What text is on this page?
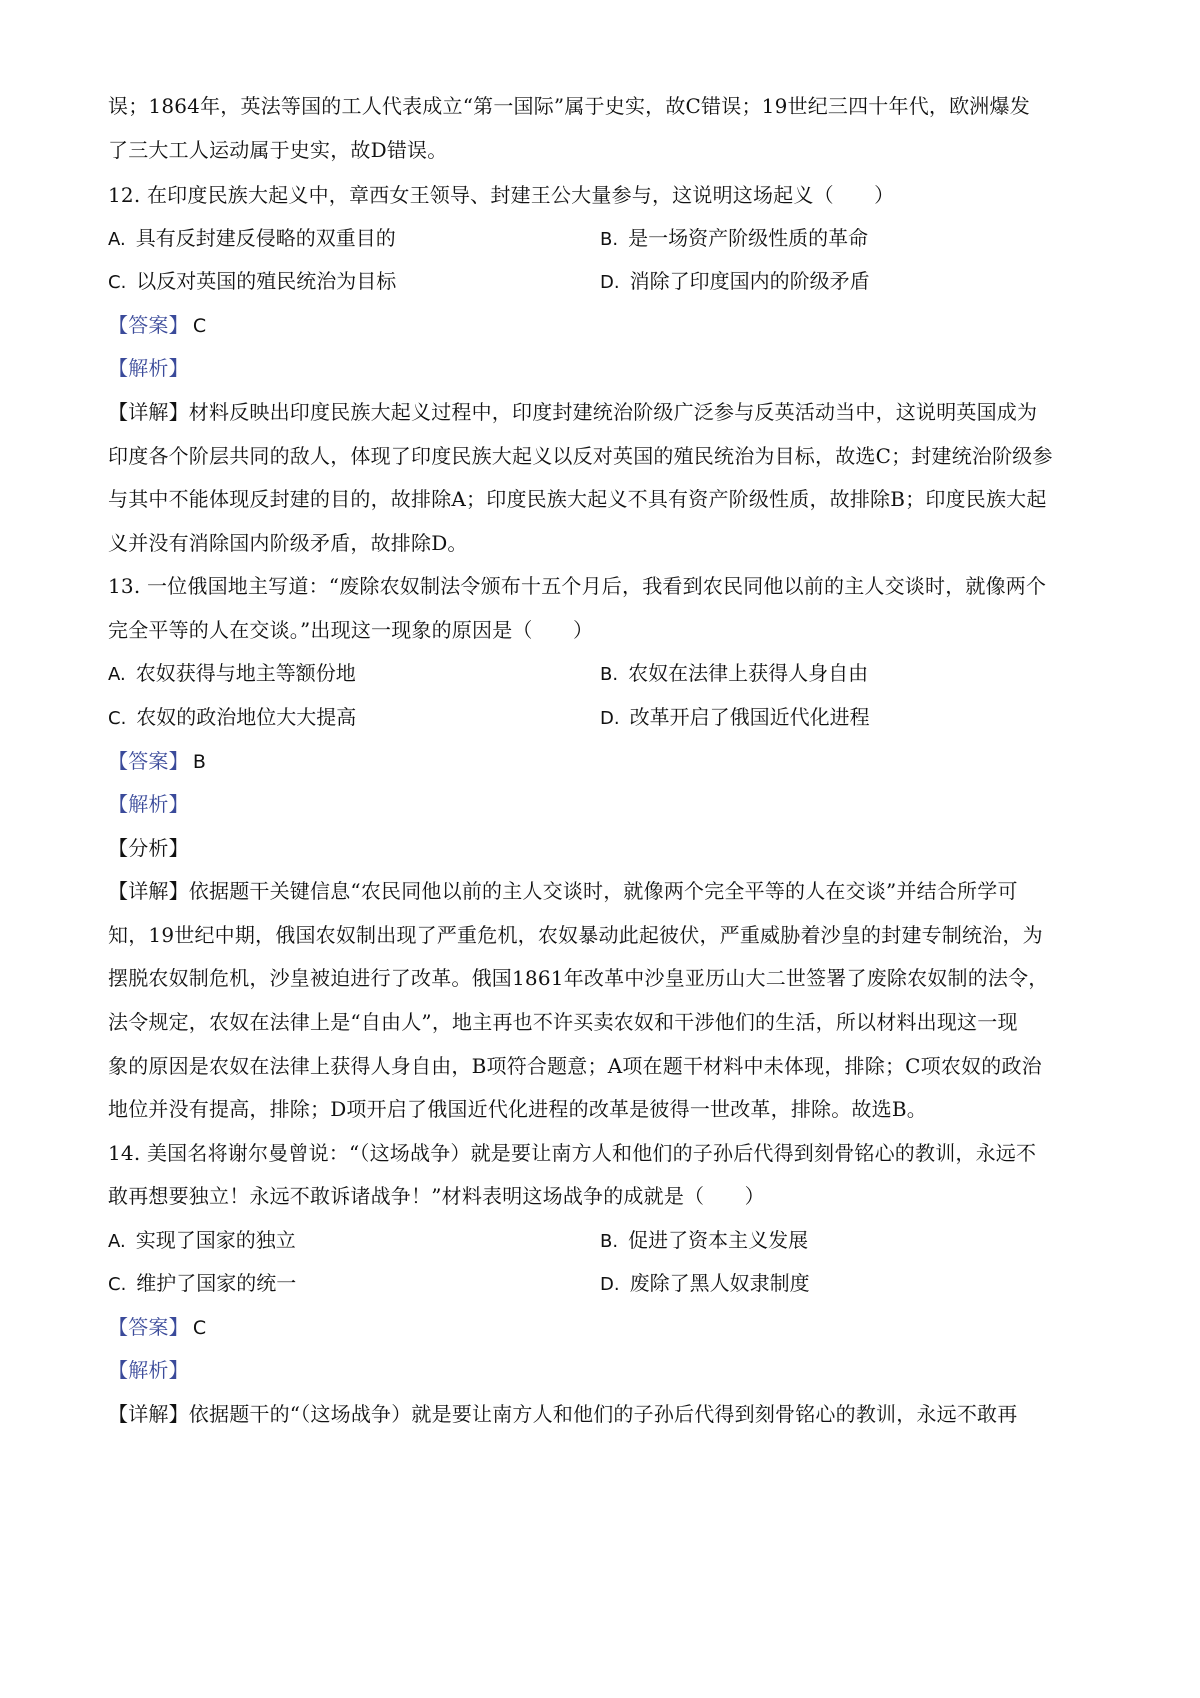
误；1864年，英法等国的工人代表成立“第一国际”属于史实，故C错误；19世纪三四十年代，欧洲爆发
了三大工人运动属于史实，故D错误。
12. 在印度民族大起义中，章西女王领导、封建王公大量参与，这说明这场起义（　　）
A. 具有反封建反侵略的双重目的	B. 是一场资产阶级性质的革命
C. 以反对英国的殖民统治为目标	D. 消除了印度国内的阶级矛盾
【答案】 C
【解析】
【详解】材料反映出印度民族大起义过程中，印度封建统治阶级广泛参与反英活动当中，这说明英国成为
印度各个阶层共同的敌人，体现了印度民族大起义以反对英国的殖民统治为目标，故选C；封建统治阶级参
与其中不能体现反封建的目的，故排除A；印度民族大起义不具有资产阶级性质，故排除B；印度民族大起
义并没有消除国内阶级矛盾，故排除D。
13. 一位俄国地主写道：“废除农奴制法令颁布十五个月后，我看到农民同他以前的主人交谈时，就像两个
完全平等的人在交谈。”出现这一现象的原因是（　　）
A. 农奴获得与地主等额份地	B. 农奴在法律上获得人身自由
C. 农奴的政治地位大大提高	D. 改革开启了俄国近代化进程
【答案】 B
【解析】
【分析】
【详解】依据题干关键信息“农民同他以前的主人交谈时，就像两个完全平等的人在交谈”并结合所学可
知，19世纪中期，俄国农奴制出现了严重危机，农奴暴动此起彼伏，严重威胁着沙皇的封建专制统治，为
摆脱农奴制危机，沙皇被迫进行了改革。俄国1861年改革中沙皇亚历山大二世签署了废除农奴制的法令，
法令规定，农奴在法律上是“自由人”，地主再也不许买卖农奴和干涉他们的生活，所以材料出现这一现
象的原因是农奴在法律上获得人身自由，B项符合题意；A项在题干材料中未体现，排除；C项农奴的政治
地位并没有提高，排除；D项开启了俄国近代化进程的改革是彼得一世改革，排除。故选B。
14. 美国名将谢尔曼曾说：“（这场战争）就是要让南方人和他们的子孙后代得到刻骨铭心的教训，永远不
敢再想要独立！永远不敢诉诸战争！”材料表明这场战争的成就是（　　）
A. 实现了国家的独立	B. 促进了资本主义发展
C. 维护了国家的统一	D. 废除了黑人奴隶制度
【答案】 C
【解析】
【详解】依据题干的“（这场战争）就是要让南方人和他们的子孙后代得到刻骨铭心的教训，永远不敢再
